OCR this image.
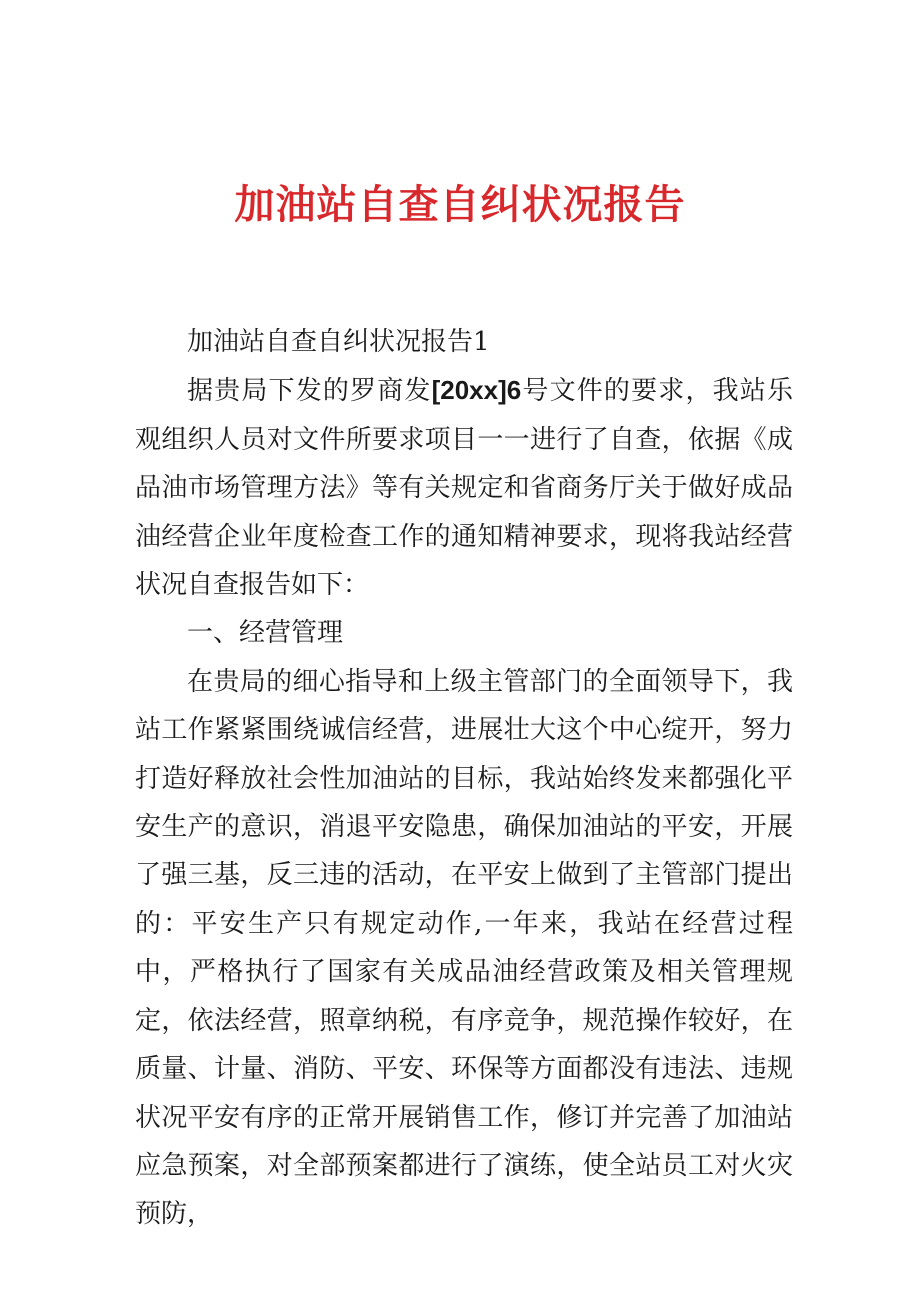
加油站自查自纠状况报告

加油站自查自纠状况报告1

据贵局下发的罗商发[20xx]6号文件的要求，我站乐观组织人员对文件所要求项目一一进行了自查，依据《成品油市场管理方法》等有关规定和省商务厅关于做好成品油经营企业年度检查工作的通知精神要求，现将我站经营状况自查报告如下：

一、经营管理

在贵局的细心指导和上级主管部门的全面领导下，我站工作紧紧围绕诚信经营，进展壮大这个中心绽开，努力打造好释放社会性加油站的目标，我站始终发来都强化平安生产的意识，消退平安隐患，确保加油站的平安，开展了强三基，反三违的活动，在平安上做到了主管部门提出的：平安生产只有规定动作,一年来，我站在经营过程中，严格执行了国家有关成品油经营政策及相关管理规定，依法经营，照章纳税，有序竞争，规范操作较好，在质量、计量、消防、平安、环保等方面都没有违法、违规状况平安有序的正常开展销售工作，修订并完善了加油站应急预案，对全部预案都进行了演练，使全站员工对火灾预防，
